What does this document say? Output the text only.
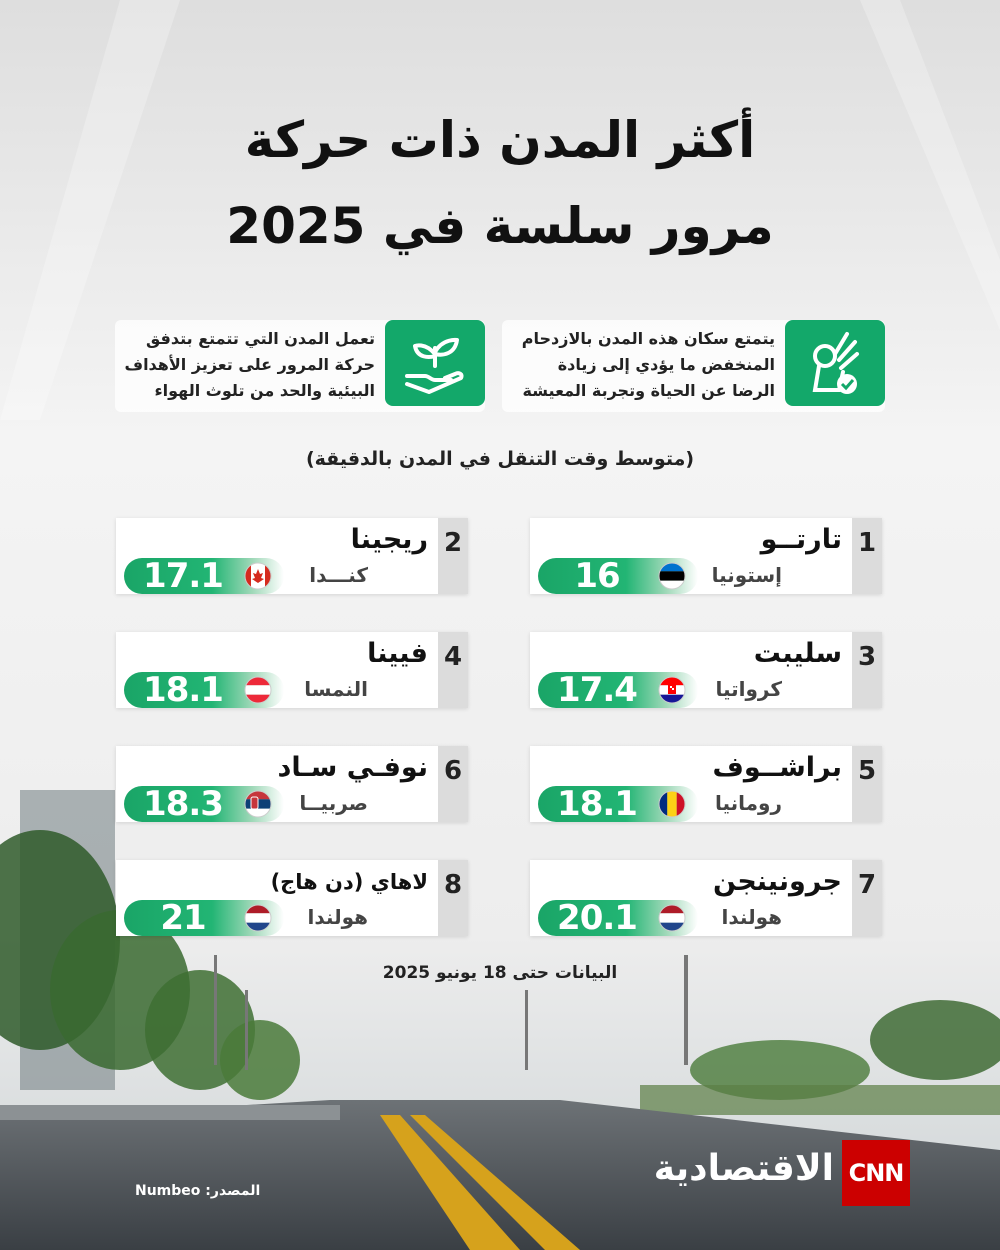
أكثر المدن ذات حركة
مرور سلسة في 2025
يتمتع سكان هذه المدن بالازدحام المنخفض ما يؤدي إلى زيادة الرضا عن الحياة وتجربة المعيشة
تعمل المدن التي تتمتع بتدفق حركة المرور على تعزيز الأهداف البيئية والحد من تلوث الهواء
(متوسط وقت التنقل في المدن بالدقيقة)
1
تارتــو
إستونيا
16
2
ريجينا
كنـــدا
17.1
3
سليبت
كرواتيا
17.4
4
فيينا
النمسا
18.1
5
براشــوف
رومانيا
18.1
6
نوفـي سـاد
صربيــا
18.3
7
جرونينجن
هولندا
20.1
8
لاهاي (دن هاج)
هولندا
21
البيانات حتى 18 يونيو 2025
المصدر: Numbeo
CNN
الاقتصادية
